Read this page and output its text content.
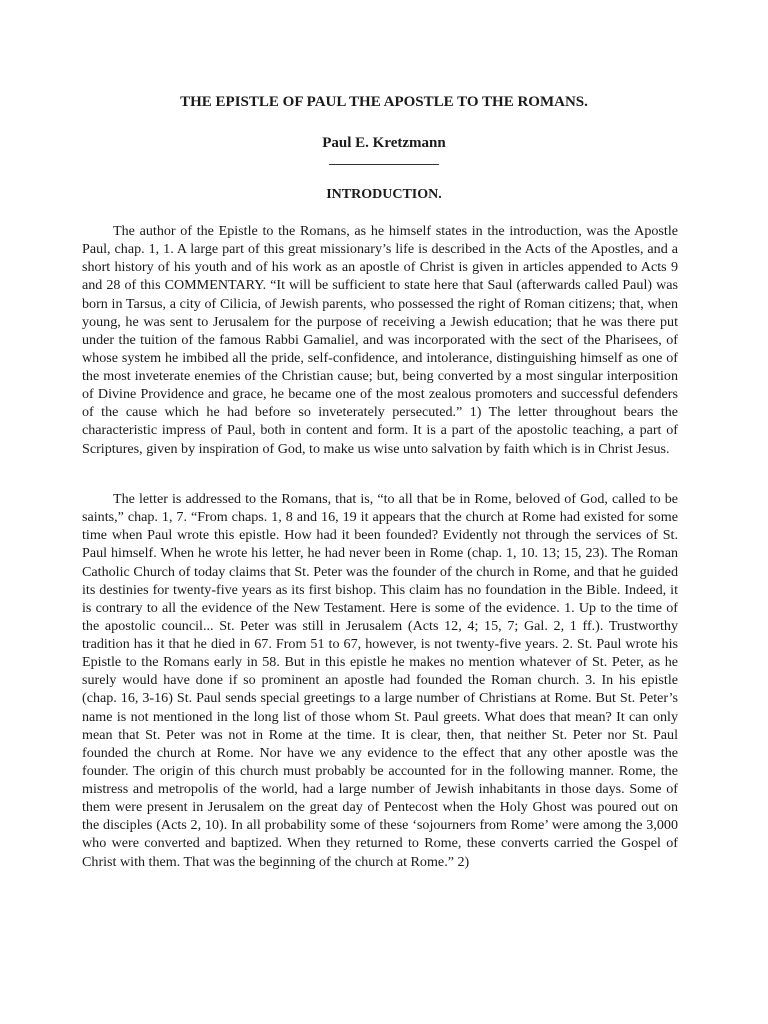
THE EPISTLE OF PAUL THE APOSTLE TO THE ROMANS.
Paul E. Kretzmann
INTRODUCTION.

The author of the Epistle to the Romans, as he himself states in the introduction, was the Apostle Paul, chap. 1, 1. A large part of this great missionary’s life is described in the Acts of the Apostles, and a short history of his youth and of his work as an apostle of Christ is given in articles appended to Acts 9 and 28 of this COMMENTARY. “It will be sufficient to state here that Saul (afterwards called Paul) was born in Tarsus, a city of Cilicia, of Jewish parents, who possessed the right of Roman citizens; that, when young, he was sent to Jerusalem for the purpose of receiving a Jewish education; that he was there put under the tuition of the famous Rabbi Gamaliel, and was incorporated with the sect of the Pharisees, of whose system he imbibed all the pride, self-confidence, and intolerance, distinguishing himself as one of the most inveterate enemies of the Christian cause; but, being converted by a most singular interposition of Divine Providence and grace, he became one of the most zealous promoters and successful defenders of the cause which he had before so inveterately persecuted.” 1) The letter throughout bears the characteristic impress of Paul, both in content and form. It is a part of the apostolic teaching, a part of Scriptures, given by inspiration of God, to make us wise unto salvation by faith which is in Christ Jesus.

The letter is addressed to the Romans, that is, “to all that be in Rome, beloved of God, called to be saints,” chap. 1, 7. “From chaps. 1, 8 and 16, 19 it appears that the church at Rome had existed for some time when Paul wrote this epistle. How had it been founded? Evidently not through the services of St. Paul himself. When he wrote his letter, he had never been in Rome (chap. 1, 10. 13; 15, 23). The Roman Catholic Church of today claims that St. Peter was the founder of the church in Rome, and that he guided its destinies for twenty-five years as its first bishop. This claim has no foundation in the Bible. Indeed, it is contrary to all the evidence of the New Testament. Here is some of the evidence. 1. Up to the time of the apostolic council... St. Peter was still in Jerusalem (Acts 12, 4; 15, 7; Gal. 2, 1 ff.). Trustworthy tradition has it that he died in 67. From 51 to 67, however, is not twenty-five years. 2. St. Paul wrote his Epistle to the Romans early in 58. But in this epistle he makes no mention whatever of St. Peter, as he surely would have done if so prominent an apostle had founded the Roman church. 3. In his epistle (chap. 16, 3-16) St. Paul sends special greetings to a large number of Christians at Rome. But St. Peter’s name is not mentioned in the long list of those whom St. Paul greets. What does that mean? It can only mean that St. Peter was not in Rome at the time. It is clear, then, that neither St. Peter nor St. Paul founded the church at Rome. Nor have we any evidence to the effect that any other apostle was the founder. The origin of this church must probably be accounted for in the following manner. Rome, the mistress and metropolis of the world, had a large number of Jewish inhabitants in those days. Some of them were present in Jerusalem on the great day of Pentecost when the Holy Ghost was poured out on the disciples (Acts 2, 10). In all probability some of these ‘sojourners from Rome’ were among the 3,000 who were converted and baptized. When they returned to Rome, these converts carried the Gospel of Christ with them. That was the beginning of the church at Rome.” 2)
